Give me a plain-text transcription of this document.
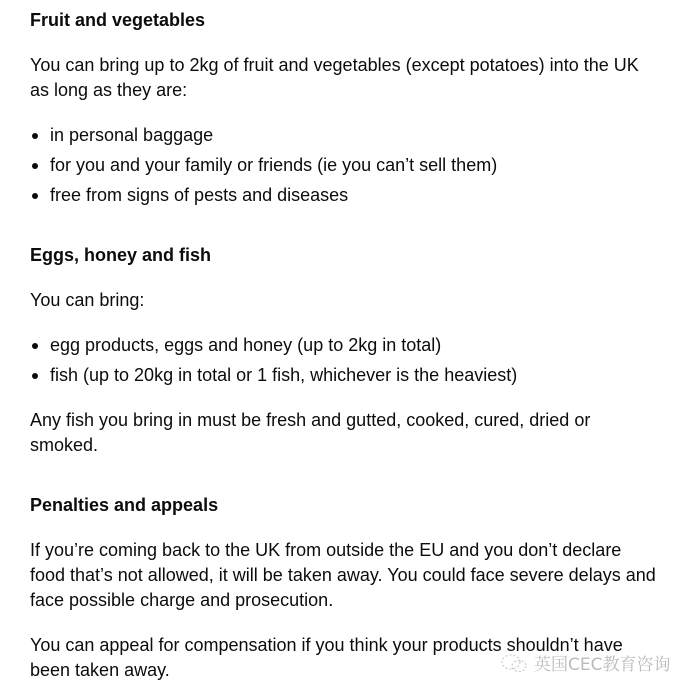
Fruit and vegetables

You can bring up to 2kg of fruit and vegetables (except potatoes) into the UK as long as they are:

in personal baggage
for you and your family or friends (ie you can’t sell them)
free from signs of pests and diseases
Eggs, honey and fish

You can bring:

egg products, eggs and honey (up to 2kg in total)
fish (up to 20kg in total or 1 fish, whichever is the heaviest)

Any fish you bring in must be fresh and gutted, cooked, cured, dried or smoked.

Penalties and appeals

If you’re coming back to the UK from outside the EU and you don’t declare food that’s not allowed, it will be taken away. You could face severe delays and face possible charge and prosecution.

You can appeal for compensation if you think your products shouldn’t have been taken away.	英国CEC教育咨询
